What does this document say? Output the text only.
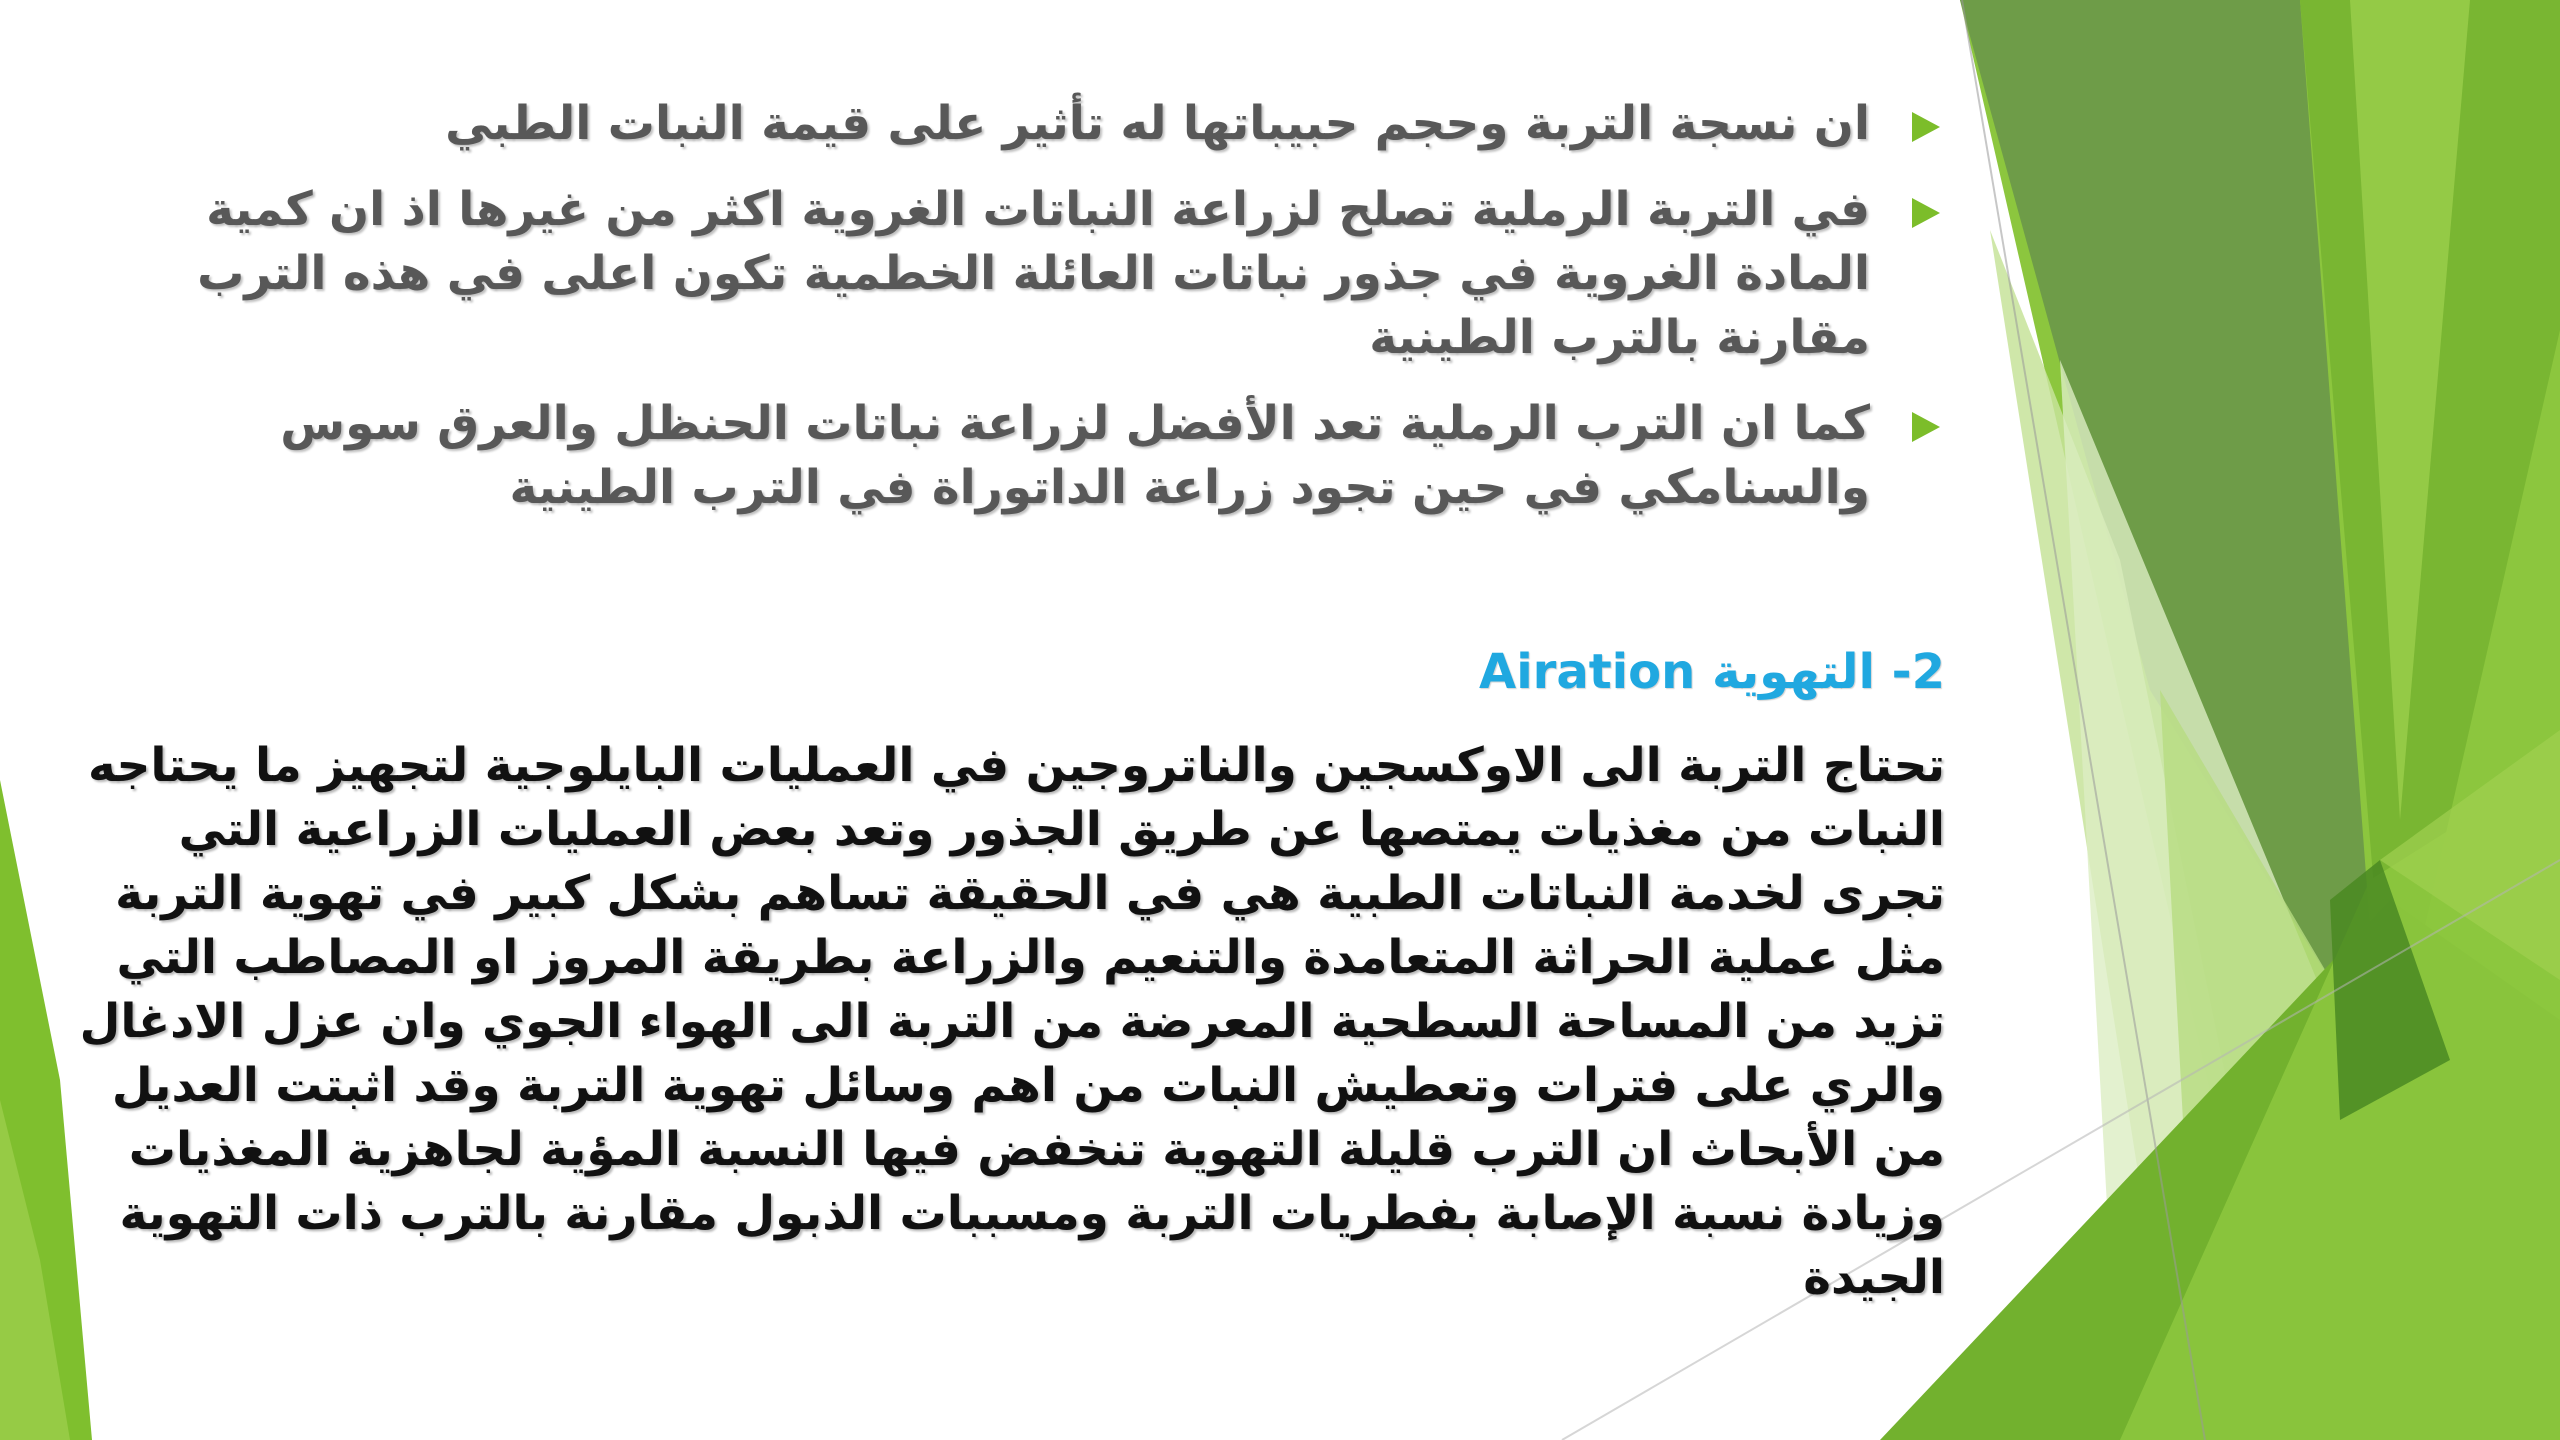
ان نسجة التربة وحجم حبيباتها له تأثير على قيمة النبات الطبي
في التربة الرملية تصلح لزراعة النباتات الغروية اكثر من غيرها اذ ان كمية المادة الغروية في جذور نباتات العائلة الخطمية تكون اعلى في هذه الترب مقارنة بالترب الطينية
كما ان الترب الرملية تعد الأفضل لزراعة نباتات الحنظل والعرق سوس والسنامكي في حين تجود زراعة الداتوراة في الترب الطينية

2- التهوية Airation

تحتاج التربة الى الاوكسجين والناتروجين في العمليات البايلوجية لتجهيز ما يحتاجه النبات من مغذيات يمتصها عن طريق الجذور وتعد بعض العمليات الزراعية التي تجرى لخدمة النباتات الطبية هي في الحقيقة تساهم بشكل كبير في تهوية التربة مثل عملية الحراثة المتعامدة والتنعيم والزراعة بطريقة المروز او المصاطب التي تزيد من المساحة السطحية المعرضة من التربة الى الهواء الجوي وان عزل الادغال والري على فترات وتعطيش النبات من اهم وسائل تهوية التربة وقد اثبتت العديل من الأبحاث ان الترب قليلة التهوية تنخفض فيها النسبة المؤية لجاهزية المغذيات وزيادة نسبة الإصابة بفطريات التربة ومسببات الذبول مقارنة بالترب ذات التهوية الجيدة
